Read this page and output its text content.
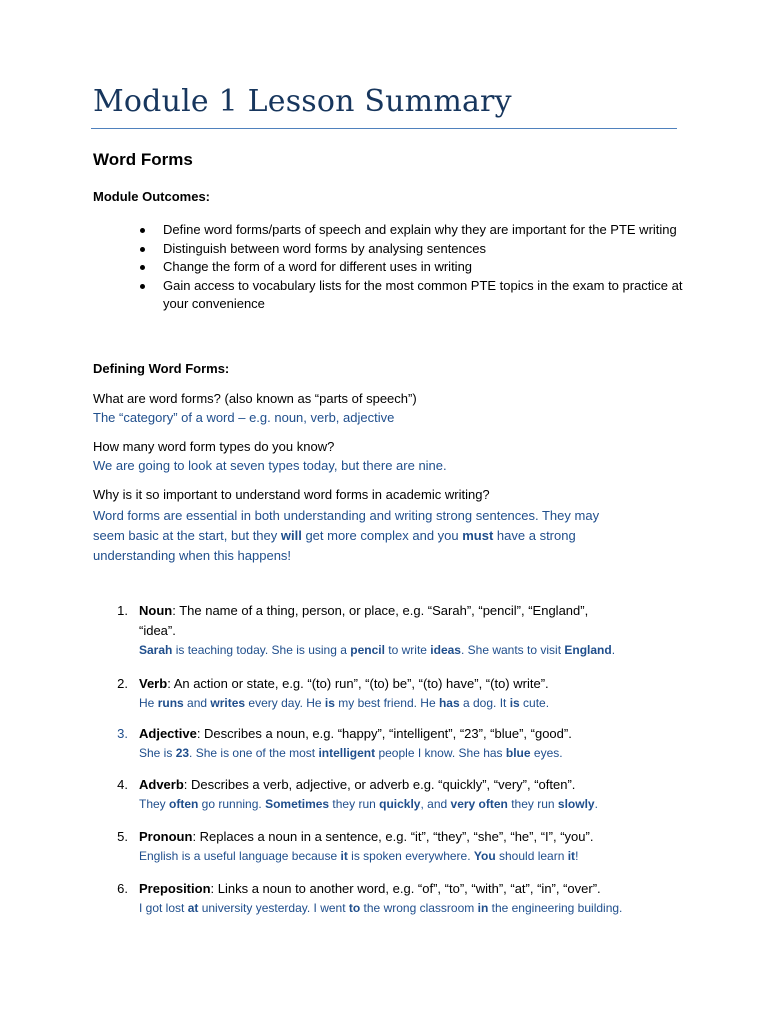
Module 1 Lesson Summary
Word Forms
Module Outcomes:
Define word forms/parts of speech and explain why they are important for the PTE writing
Distinguish between word forms by analysing sentences
Change the form of a word for different uses in writing
Gain access to vocabulary lists for the most common PTE topics in the exam to practice at your convenience
Defining Word Forms:
What are word forms? (also known as “parts of speech”)
The “category” of a word – e.g. noun, verb, adjective
How many word form types do you know?
We are going to look at seven types today, but there are nine.
Why is it so important to understand word forms in academic writing?
Word forms are essential in both understanding and writing strong sentences. They may
seem basic at the start, but they will get more complex and you must have a strong
understanding when this happens!
1. Noun: The name of a thing, person, or place, e.g. “Sarah”, “pencil”, “England”,
“idea”.
Sarah is teaching today. She is using a pencil to write ideas. She wants to visit England.
2. Verb: An action or state, e.g. “(to) run”, “(to) be”, “(to) have”, “(to) write”.
He runs and writes every day. He is my best friend. He has a dog. It is cute.
3. Adjective: Describes a noun, e.g. “happy”, “intelligent”, “23”, “blue”, “good”.
She is 23. She is one of the most intelligent people I know. She has blue eyes.
4. Adverb: Describes a verb, adjective, or adverb e.g. “quickly”, “very”, “often”.
They often go running. Sometimes they run quickly, and very often they run slowly.
5. Pronoun: Replaces a noun in a sentence, e.g. “it”, “they”, “she”, “he”, “I”, “you”.
English is a useful language because it is spoken everywhere. You should learn it!
6. Preposition: Links a noun to another word, e.g. “of”, “to”, “with”, “at”, “in”, “over”.
I got lost at university yesterday. I went to the wrong classroom in the engineering building.
